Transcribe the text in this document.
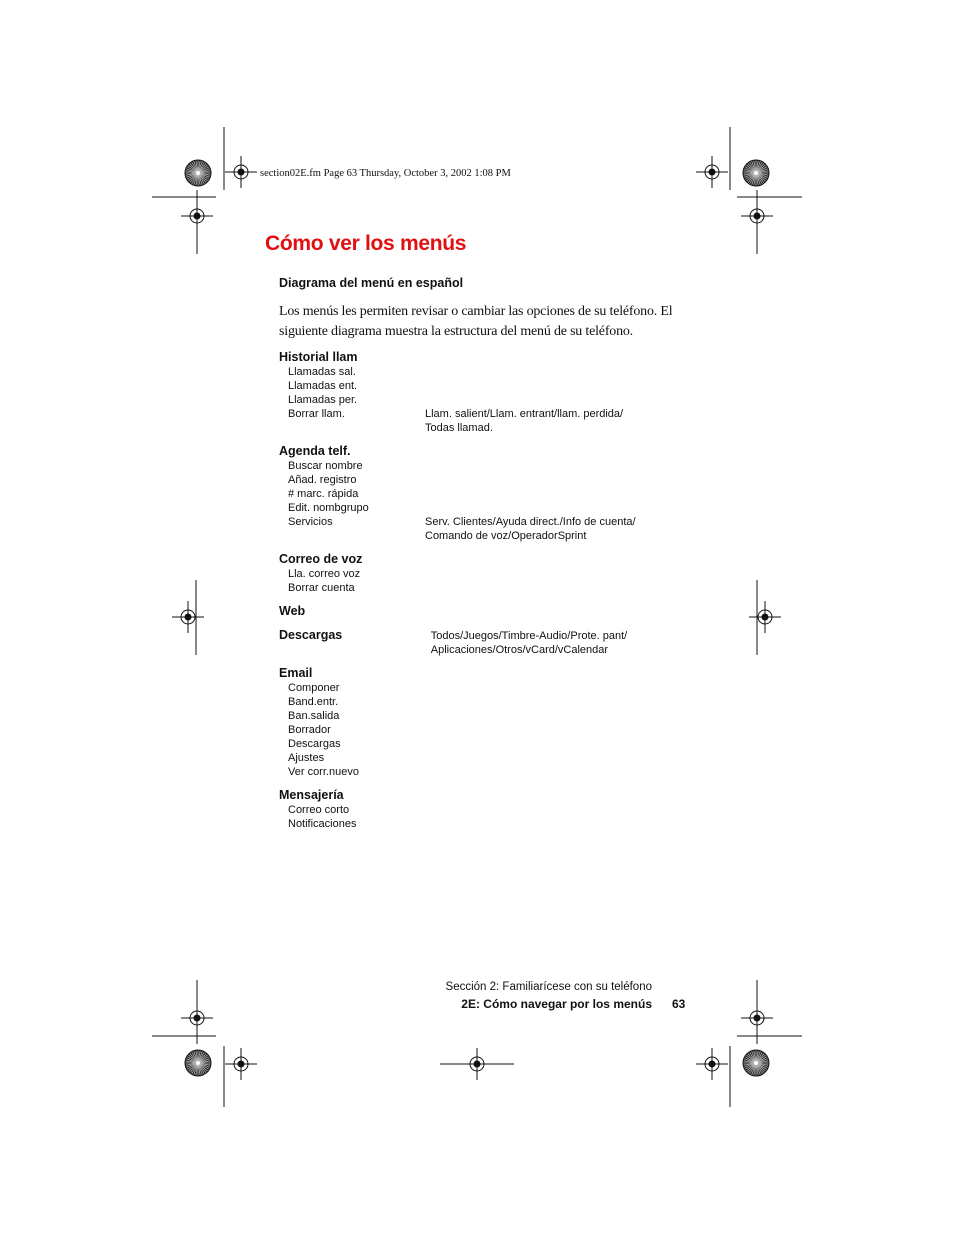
section02E.fm Page 63 Thursday, October 3, 2002 1:08 PM
Cómo ver los menús
Diagrama del menú en español
Los menús les permiten revisar o cambiar las opciones de su teléfono. El
siguiente diagrama muestra la estructura del menú de su teléfono.
Historial llam
Llamadas sal.
Llamadas ent.
Llamadas per.
Borrar llam.	Llam. salient/Llam. entrant/llam. perdida/
Todas llamad.
Agenda telf.
Buscar nombre
Añad. registro
# marc. rápida
Edit. nombgrupo
Servicios	Serv. Clientes/Ayuda direct./Info de cuenta/
Comando de voz/OperadorSprint
Correo de voz
Lla. correo voz
Borrar cuenta
Web
Descargas	Todos/Juegos/Timbre-Audio/Prote. pant/
Aplicaciones/Otros/vCard/vCalendar
Email
Componer
Band.entr.
Ban.salida
Borrador
Descargas
Ajustes
Ver corr.nuevo
Mensajería
Correo corto
Notificaciones
Sección 2: Familiarícese con su teléfono
2E: Cómo navegar por los menús 63
